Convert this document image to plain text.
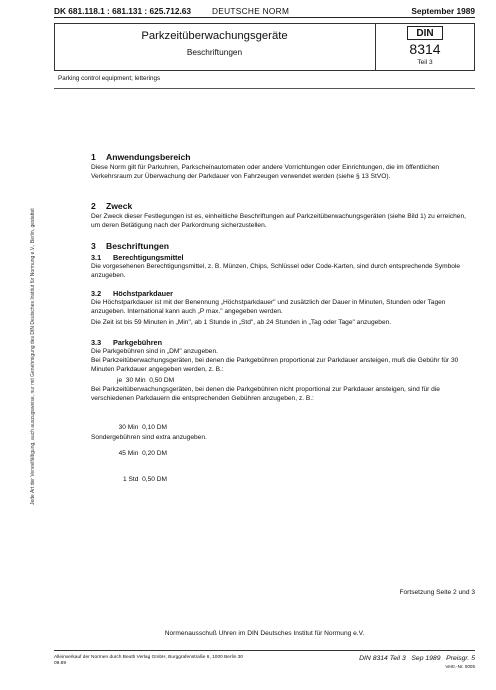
DK 681.118.1 : 681.131 : 625.712.63	DEUTSCHE NORM	September 1989
Parkzeitüberwachungsgeräte
Beschriftungen
DIN
8314
Teil 3
Parking control equipment; letterings
Jede Art der Vervielfältigung, auch auszugsweise, nur mit Genehmigung des DIN Deutsches Institut für Normung e.V., Berlin, gestattet
1 Anwendungsbereich
Diese Norm gilt für Parkuhren, Parkscheinautomaten oder andere Vorrichtungen oder Einrichtungen, die im öffentlichen Verkehrsraum zur Überwachung der Parkdauer von Fahrzeugen verwendet werden (siehe § 13 StVO).
2 Zweck
Der Zweck dieser Festlegungen ist es, einheitliche Beschriftungen auf Parkzeitüberwachungsgeräten (siehe Bild 1) zu erreichen, um deren Betätigung nach der Parkordnung sicherzustellen.
3 Beschriftungen
3.1 Berechtigungsmittel
Die vorgesehenen Berechtigungsmittel, z. B. Münzen, Chips, Schlüssel oder Code-Karten, sind durch entsprechende Symbole anzugeben.
3.2 Höchstparkdauer
Die Höchstparkdauer ist mit der Benennung „Höchstparkdauer" und zusätzlich der Dauer in Minuten, Stunden oder Tagen anzugeben. International kann auch „P max." angegeben werden.
Die Zeit ist bis 59 Minuten in „Min", ab 1 Stunde in „Std", ab 24 Stunden in „Tag oder Tage" anzugeben.
3.3 Parkgebühren
Die Parkgebühren sind in „DM" anzugeben.
Bei Parkzeitüberwachungsgeräten, bei denen die Parkgebühren proportional zur Parkdauer ansteigen, muß die Gebühr für 30 Minuten Parkdauer angegeben werden, z. B.:
je  30 Min  0,50 DM
Bei Parkzeitüberwachungsgeräten, bei denen die Parkgebühren nicht proportional zur Parkdauer ansteigen, sind für die verschiedenen Parkdauern die entsprechenden Gebühren anzugeben, z. B.:

30 Min  0,10 DM

45 Min  0,20 DM

1 Std  0,50 DM

Sondergebühren sind extra anzugeben.
Fortsetzung Seite 2 und 3
Normenausschuß Uhren im DIN Deutsches Institut für Normung e.V.
Alleinverkauf der Normen durch Beuth Verlag GmbH, Burggrafenstraße 6, 1000 Berlin 30
09.89
DIN 8314 Teil 3   Sep 1989   Preisgr. 5
Vertr.-Nr. 0005
